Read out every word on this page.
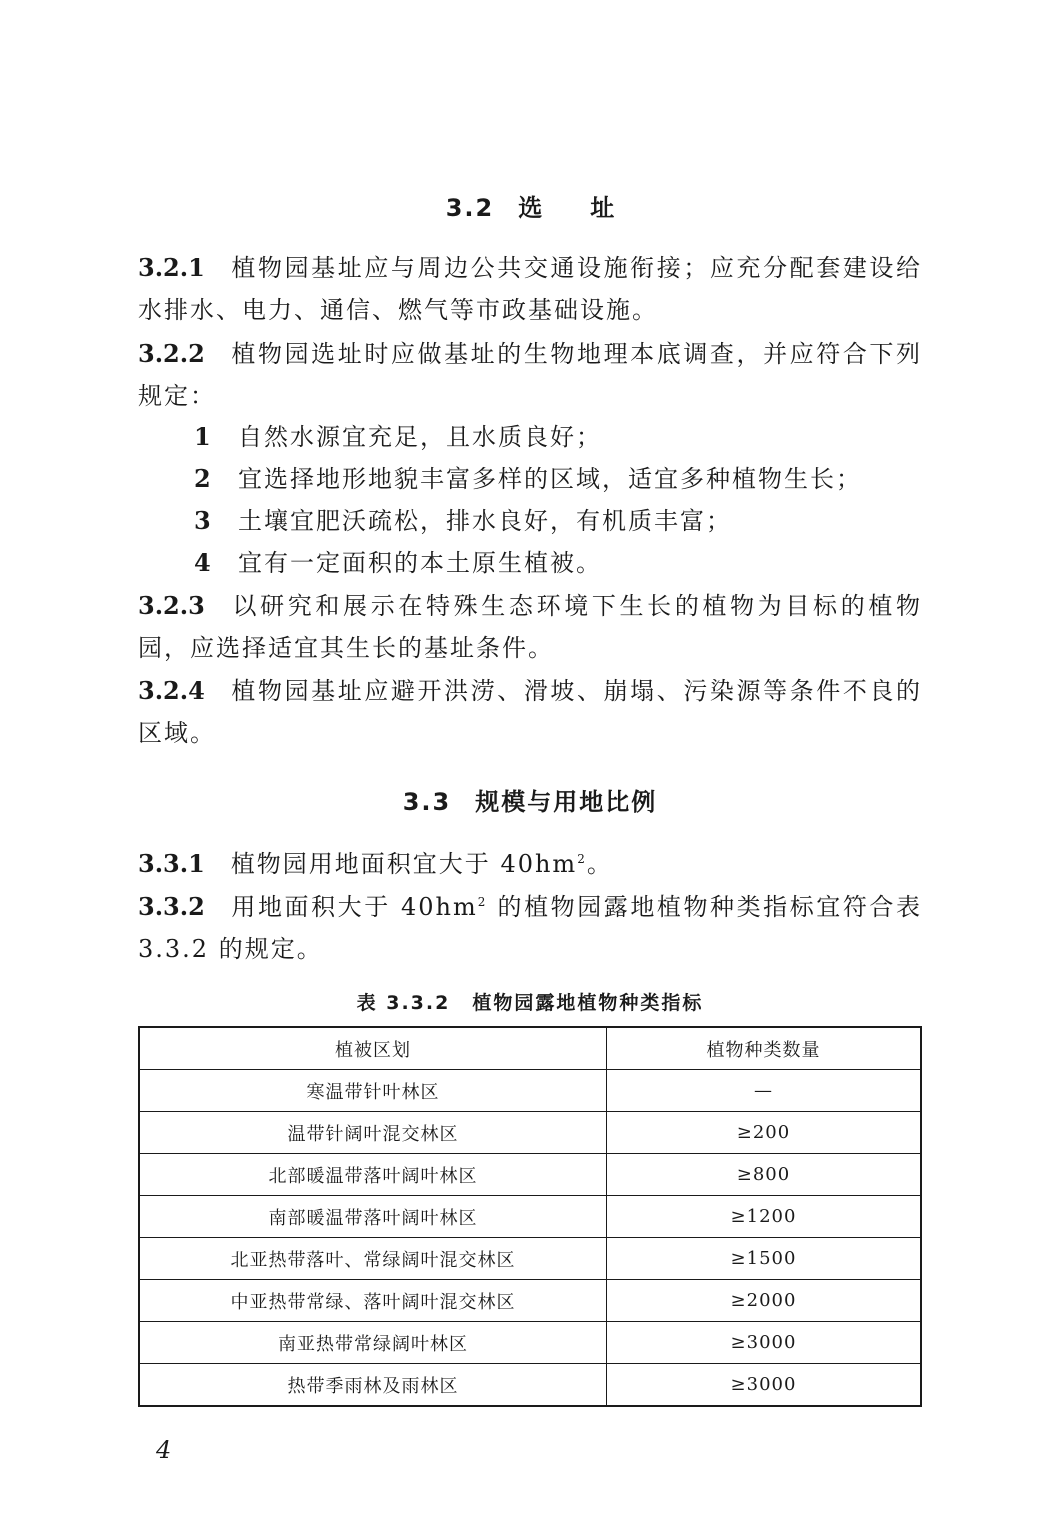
3.2 选址
3.2.1 植物园基址应与周边公共交通设施衔接；应充分配套建设给水排水、电力、通信、燃气等市政基础设施。
3.2.2 植物园选址时应做基址的生物地理本底调查，并应符合下列规定：
1 自然水源宜充足，且水质良好；
2 宜选择地形地貌丰富多样的区域，适宜多种植物生长；
3 土壤宜肥沃疏松，排水良好，有机质丰富；
4 宜有一定面积的本土原生植被。
3.2.3 以研究和展示在特殊生态环境下生长的植物为目标的植物园，应选择适宜其生长的基址条件。
3.2.4 植物园基址应避开洪涝、滑坡、崩塌、污染源等条件不良的区域。
3.3 规模与用地比例
3.3.1 植物园用地面积宜大于 $40hm^2$。
3.3.2 用地面积大于 $40hm^2$ 的植物园露地植物种类指标宜符合表 3.3.2 的规定。
表 3.3.2 植物园露地植物种类指标
植被区划	植物种类数量
寒温带针叶林区	—
温带针阔叶混交林区	≥200
北部暖温带落叶阔叶林区	≥800
南部暖温带落叶阔叶林区	≥1200
北亚热带落叶、常绿阔叶混交林区	≥1500
中亚热带常绿、落叶阔叶混交林区	≥2000
南亚热带常绿阔叶林区	≥3000
热带季雨林及雨林区	≥3000
4
